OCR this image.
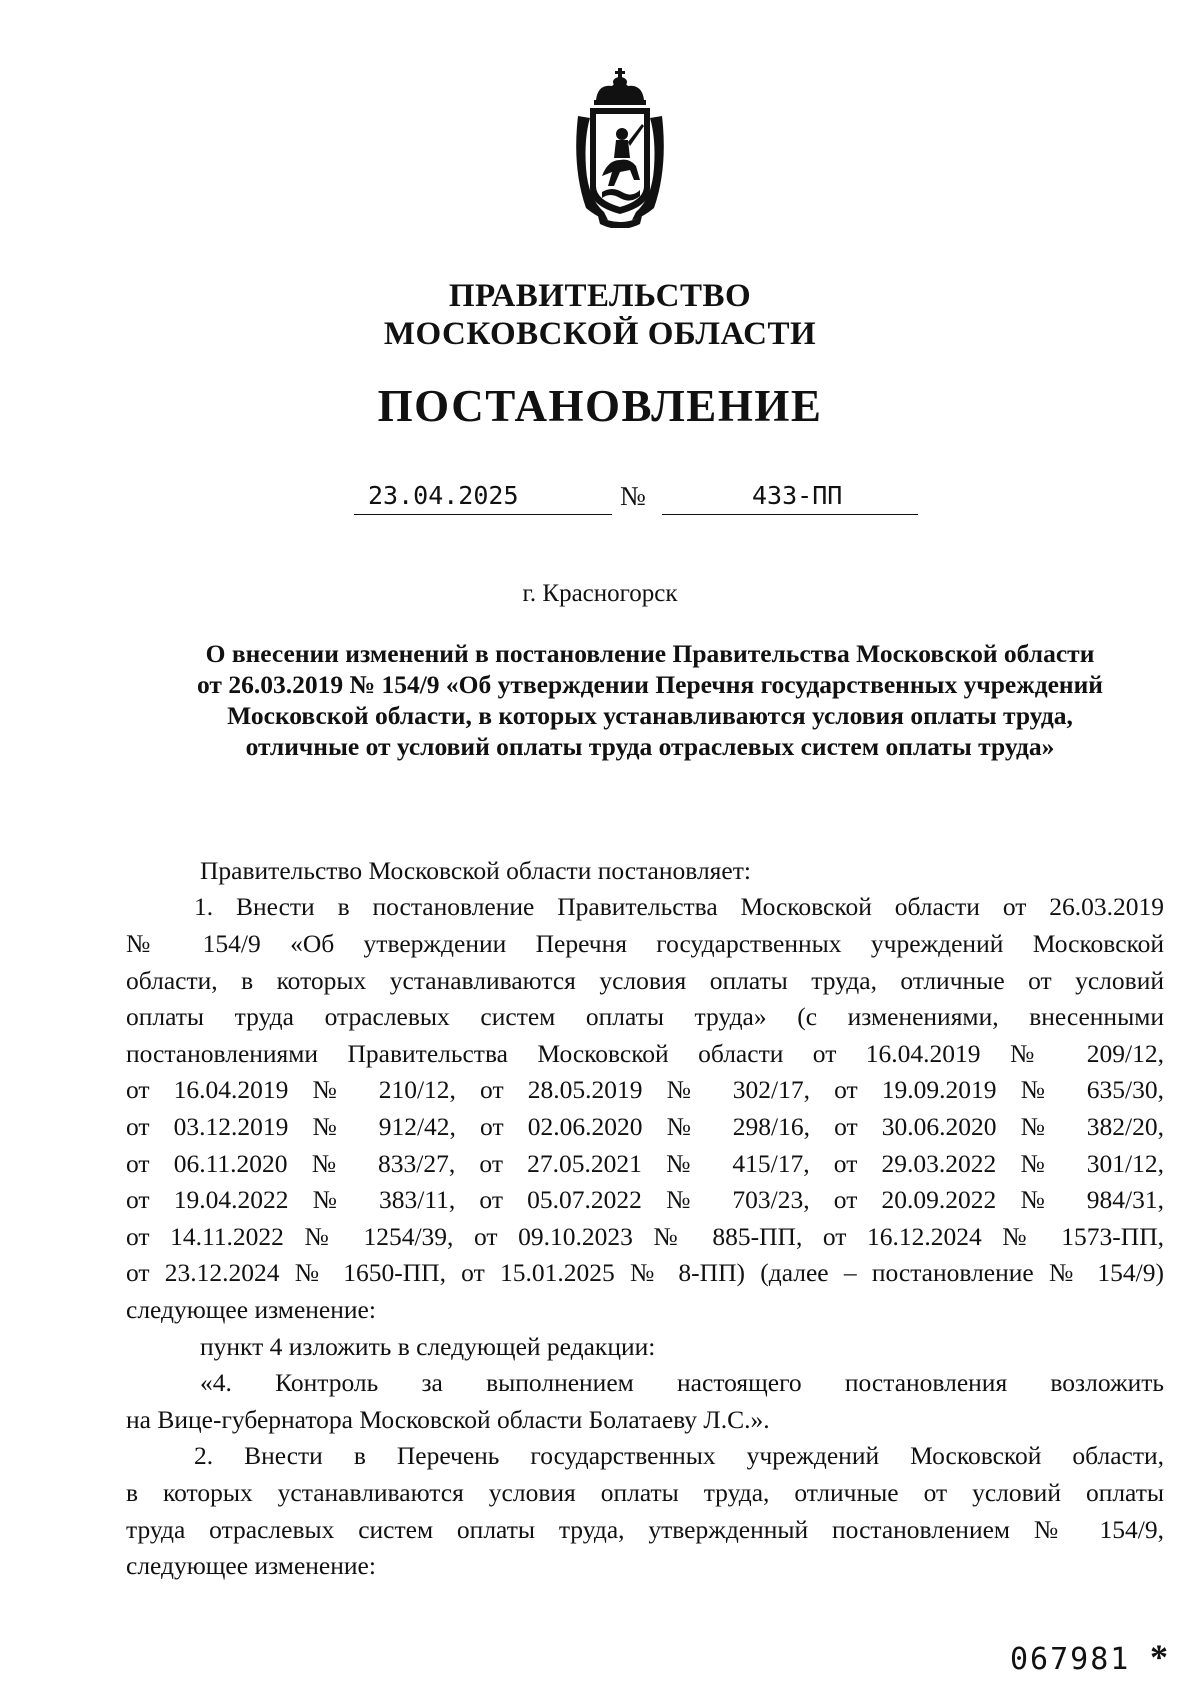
ПРАВИТЕЛЬСТВО
МОСКОВСКОЙ ОБЛАСТИ
ПОСТАНОВЛЕНИЕ
23.04.2025	№	433-ПП
г. Красногорск
О внесении изменений в постановление Правительства Московской области
от 26.03.2019 № 154/9 «Об утверждении Перечня государственных учреждений
Московской области, в которых устанавливаются условия оплаты труда,
отличные от условий оплаты труда отраслевых систем оплаты труда»
Правительство Московской области постановляет:
1. Внести в постановление Правительства Московской области от 26.03.2019
№ 154/9 «Об утверждении Перечня государственных учреждений Московской
области, в которых устанавливаются условия оплаты труда, отличные от условий
оплаты труда отраслевых систем оплаты труда» (с изменениями, внесенными
постановлениями Правительства Московской области от 16.04.2019 № 209/12,
от 16.04.2019 № 210/12, от 28.05.2019 № 302/17, от 19.09.2019 № 635/30,
от 03.12.2019 № 912/42, от 02.06.2020 № 298/16, от 30.06.2020 № 382/20,
от 06.11.2020 № 833/27, от 27.05.2021 № 415/17, от 29.03.2022 № 301/12,
от 19.04.2022 № 383/11, от 05.07.2022 № 703/23, от 20.09.2022 № 984/31,
от 14.11.2022 № 1254/39, от 09.10.2023 № 885-ПП, от 16.12.2024 № 1573-ПП,
от 23.12.2024 № 1650-ПП, от 15.01.2025 № 8-ПП) (далее – постановление № 154/9)
следующее изменение:
пункт 4 изложить в следующей редакции:
«4. Контроль за выполнением настоящего постановления возложить
на Вице-губернатора Московской области Болатаеву Л.С.».
2. Внести в Перечень государственных учреждений Московской области,
в которых устанавливаются условия оплаты труда, отличные от условий оплаты
труда отраслевых систем оплаты труда, утвержденный постановлением № 154/9,
следующее изменение:
067981 *
